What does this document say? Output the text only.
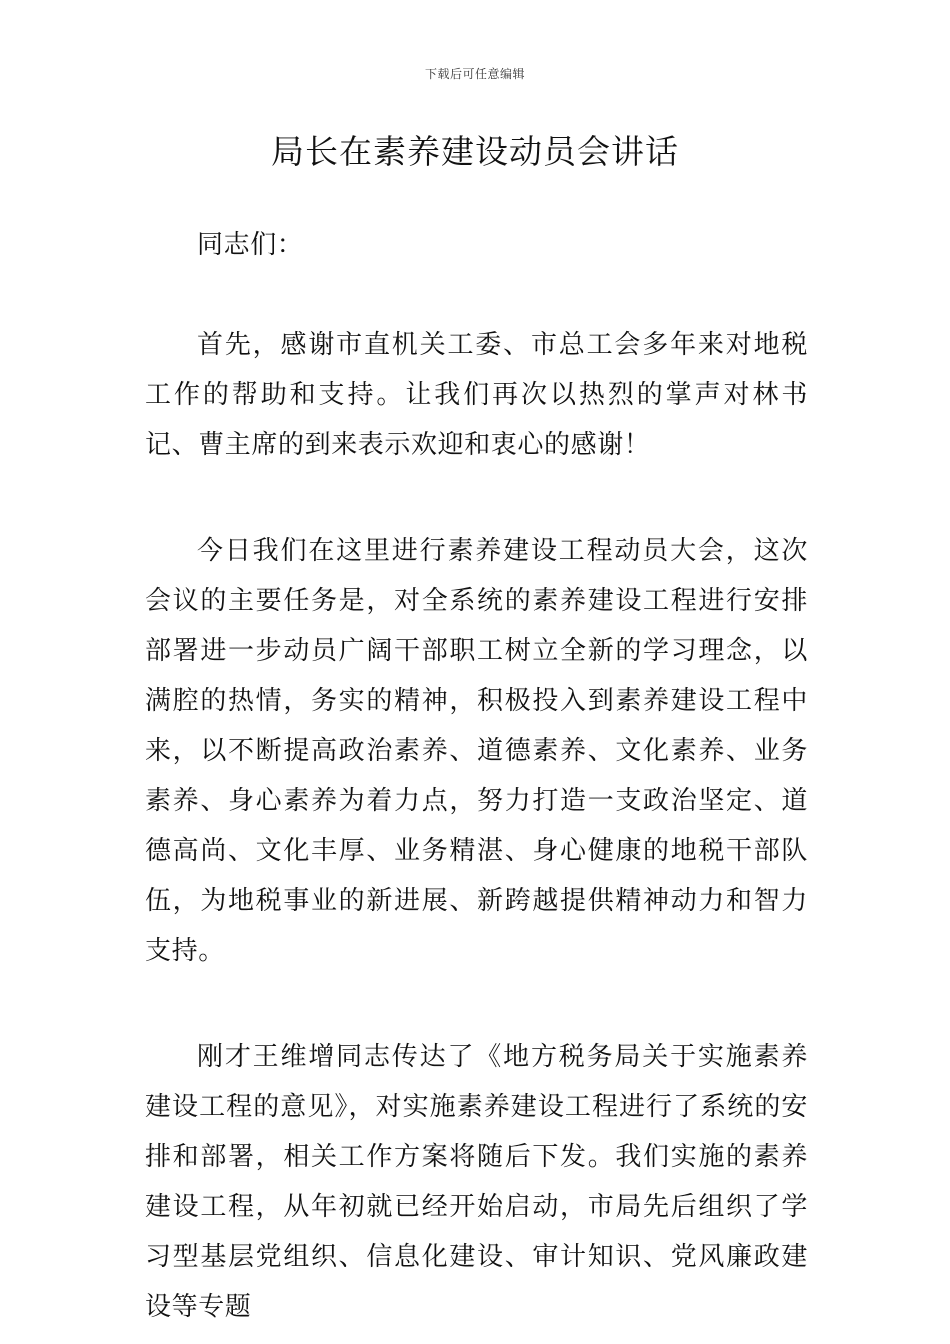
下载后可任意编辑
局长在素养建设动员会讲话

同志们：

首先，感谢市直机关工委、市总工会多年来对地税工作的帮助和支持。让我们再次以热烈的掌声对林书记、曹主席的到来表示欢迎和衷心的感谢！

今日我们在这里进行素养建设工程动员大会，这次会议的主要任务是，对全系统的素养建设工程进行安排部署进一步动员广阔干部职工树立全新的学习理念，以满腔的热情，务实的精神，积极投入到素养建设工程中来，以不断提高政治素养、道德素养、文化素养、业务素养、身心素养为着力点，努力打造一支政治坚定、道德高尚、文化丰厚、业务精湛、身心健康的地税干部队伍，为地税事业的新进展、新跨越提供精神动力和智力支持。

刚才王维增同志传达了《地方税务局关于实施素养建设工程的意见》，对实施素养建设工程进行了系统的安排和部署，相关工作方案将随后下发。我们实施的素养建设工程，从年初就已经开始启动，市局先后组织了学习型基层党组织、信息化建设、审计知识、党风廉政建设等专题
